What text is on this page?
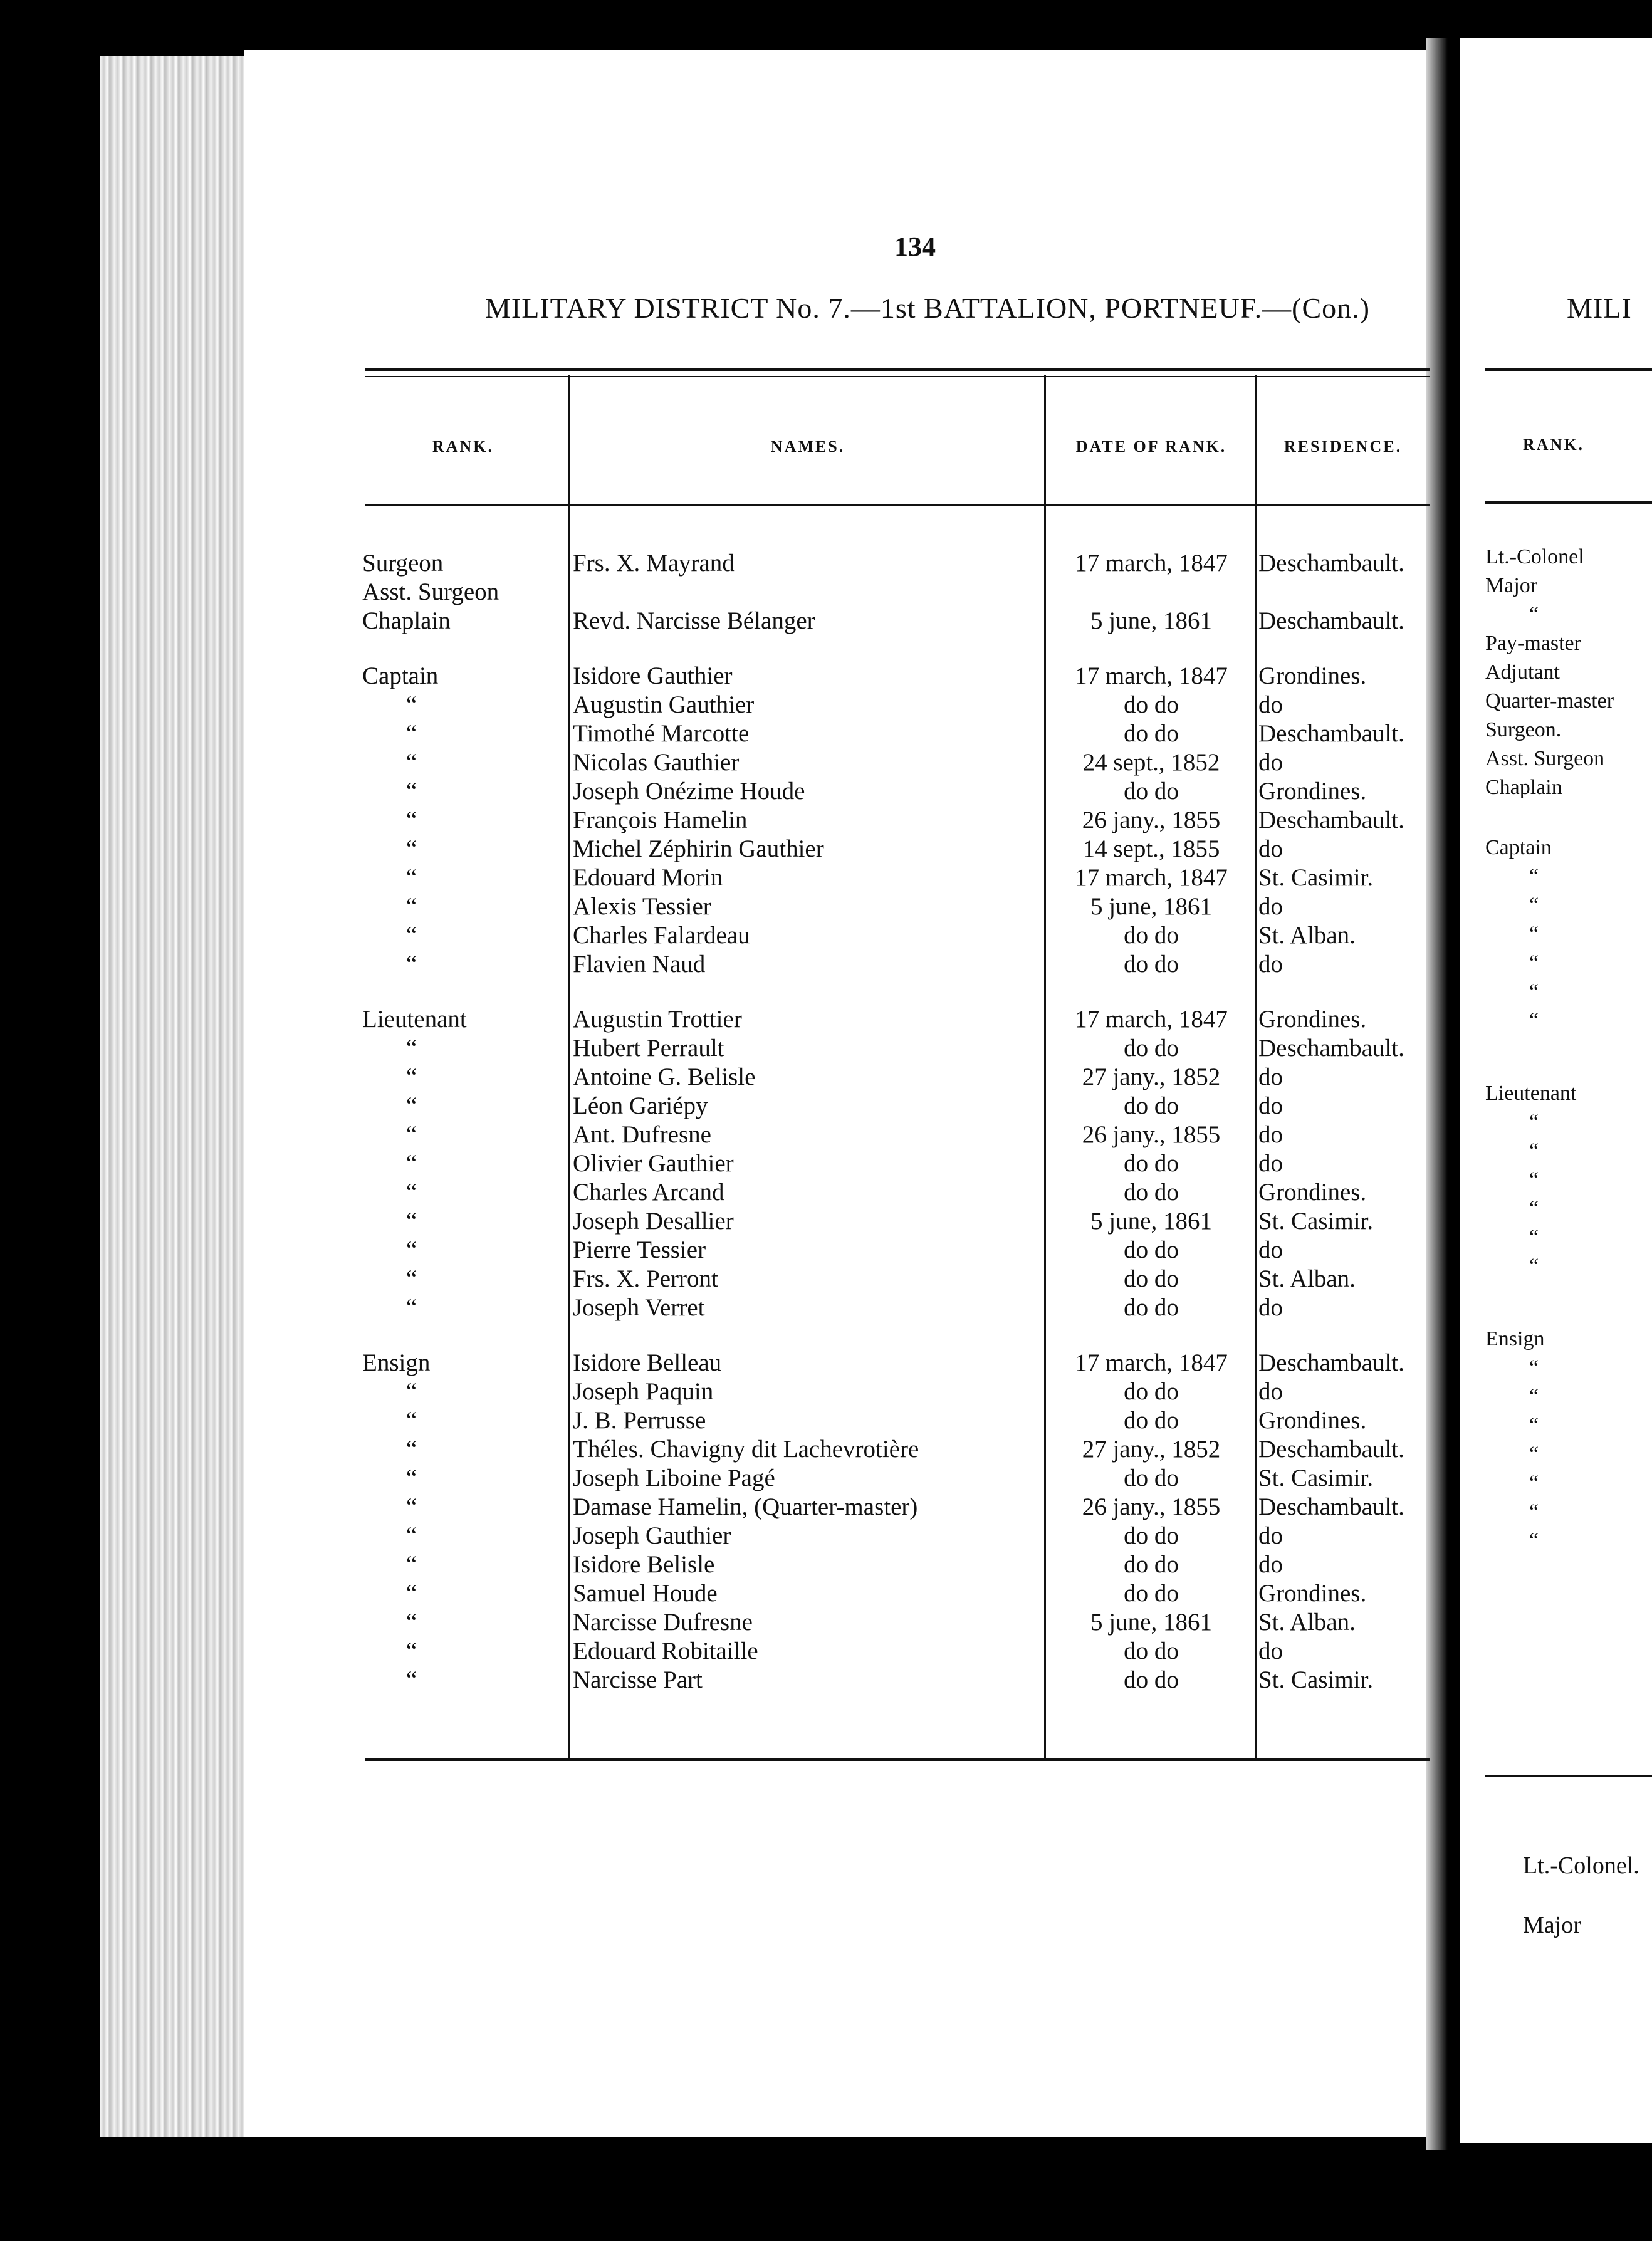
134
MILITARY DISTRICT No. 7.—1st BATTALION, PORTNEUF.—(Con.)
RANK.	NAMES.	DATE OF RANK.	RESIDENCE.
Surgeon	Frs. X. Mayrand	17 march, 1847	Deschambault.
Asst. Surgeon
Chaplain	Revd. Narcisse Bélanger	5 june, 1861	Deschambault.
Captain	Isidore Gauthier	17 march, 1847	Grondines.
“	Augustin Gauthier	do do	do
“	Timothé Marcotte	do do	Deschambault.
“	Nicolas Gauthier	24 sept., 1852	do
“	Joseph Onézime Houde	do do	Grondines.
“	François Hamelin	26 jany., 1855	Deschambault.
“	Michel Zéphirin Gauthier	14 sept., 1855	do
“	Edouard Morin	17 march, 1847	St. Casimir.
“	Alexis Tessier	5 june, 1861	do
“	Charles Falardeau	do do	St. Alban.
“	Flavien Naud	do do	do
Lieutenant	Augustin Trottier	17 march, 1847	Grondines.
“	Hubert Perrault	do do	Deschambault.
“	Antoine G. Belisle	27 jany., 1852	do
“	Léon Gariépy	do do	do
“	Ant. Dufresne	26 jany., 1855	do
“	Olivier Gauthier	do do	do
“	Charles Arcand	do do	Grondines.
“	Joseph Desallier	5 june, 1861	St. Casimir.
“	Pierre Tessier	do do	do
“	Frs. X. Perront	do do	St. Alban.
“	Joseph Verret	do do	do
Ensign	Isidore Belleau	17 march, 1847	Deschambault.
“	Joseph Paquin	do do	do
“	J. B. Perrusse	do do	Grondines.
“	Théles. Chavigny dit Lachevrotière	27 jany., 1852	Deschambault.
“	Joseph Liboine Pagé	do do	St. Casimir.
“	Damase Hamelin, (Quarter-master)	26 jany., 1855	Deschambault.
“	Joseph Gauthier	do do	do
“	Isidore Belisle	do do	do
“	Samuel Houde	do do	Grondines.
“	Narcisse Dufresne	5 june, 1861	St. Alban.
“	Edouard Robitaille	do do	do
“	Narcisse Part	do do	St. Casimir.
MILI
RANK.
Lt.-Colonel
Major
“
Pay-master
Adjutant
Quarter-master
Surgeon.
Asst. Surgeon
Chaplain
Captain
“
“
“
“
“
“
Lieutenant
“
“
“
“
“
“
Ensign
“
“
“
“
“
“
“
Lt.-Colonel.
Major
